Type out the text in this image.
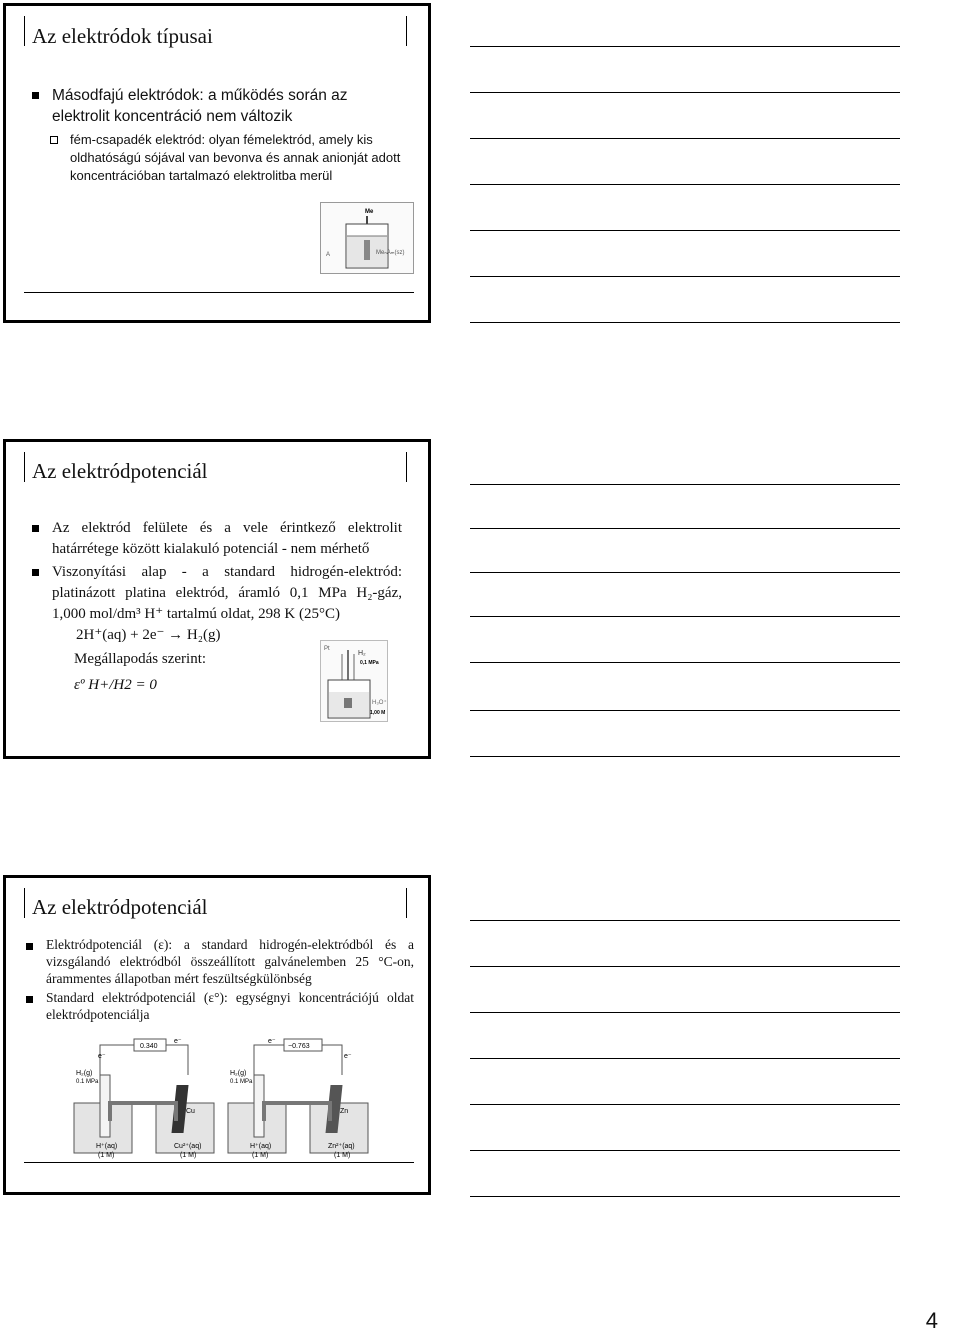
Az elektródok típusai
Másodfajú elektródok: a működés során az elektrolit koncentráció nem változik
fém-csapadék elektród: olyan fémelektród, amely kis oldhatóságú sójával van bevonva és annak anionját adott koncentrációban tartalmazó elektrolitba merül
Me
A	MeₙAₘ(sz)
Az elektródpotenciál
Az elektród felülete és a vele érintkező elektrolit határrétege között kialakuló potenciál - nem mérhető
Viszonyítási alap - a standard hidrogén-elektród: platinázott platina elektród, áramló 0,1 MPa H₂-gáz, 1,000 mol/dm³ H⁺ tartalmú oldat, 298 K (25°C)
2H⁺(aq) + 2e⁻ → H₂(g)
Megállapodás szerint:
εº H+/H2 = 0
Pt
H₂
0,1 MPa
H₃O⁺
1,00 M
Az elektródpotenciál
Elektródpotenciál (ε): a standard hidrogén-elektródból és a vizsgálandó elektródból összeállított galvánelemben 25 °C-on, árammentes állapotban mért feszültségkülönbség
Standard elektródpotenciál (ε°): egységnyi koncentrációjú oldat elektródpotenciálja
0.340
e⁻
e⁻
H₂(g)
0.1 MPa
Cu
H⁺(aq)
(1 M)
Cu²⁺(aq)
(1 M)
−0.763
e⁻
e⁻
H₂(g)
0.1 MPa
Zn
H⁺(aq)
(1 M)
Zn²⁺(aq)
(1 M)
4
